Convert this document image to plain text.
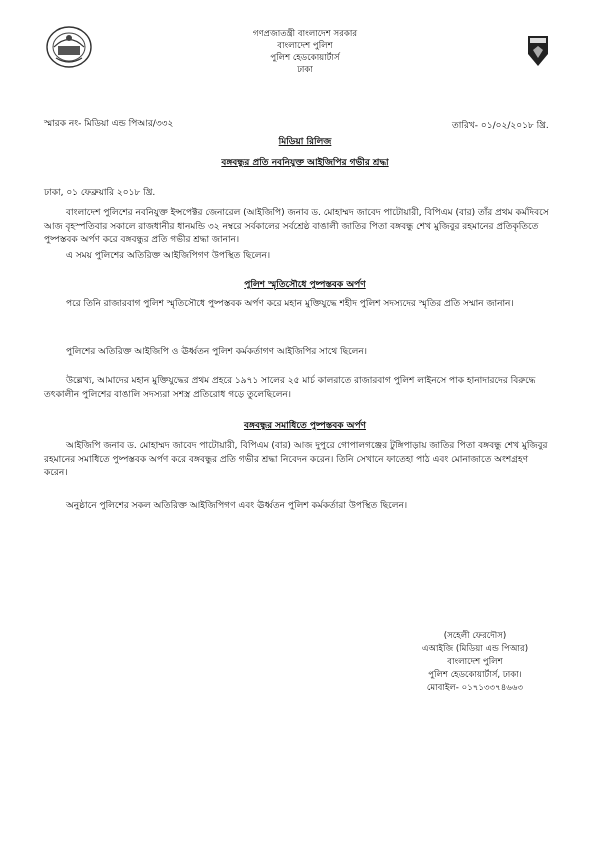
গণপ্রজাতন্ত্রী বাংলাদেশ সরকার
বাংলাদেশ পুলিশ
পুলিশ হেডকোয়ার্টার্স
ঢাকা
স্মারক নং- মিডিয়া এন্ড পিআর/৩৩২	তারিখ- ০১/০২/২০১৮ খ্রি.
মিডিয়া রিলিজ
বঙ্গবন্ধুর প্রতি নবনিযুক্ত আইজিপির গভীর শ্রদ্ধা
ঢাকা, ০১ ফেব্রুয়ারি ২০১৮ খ্রি.
বাংলাদেশ পুলিশের নবনিযুক্ত ইন্সপেক্টর জেনারেল (আইজিপি) জনাব ড. মোহাম্মদ জাবেদ পাটোয়ারী, বিপিএম (বার) তাঁর প্রথম কর্মদিবসে আজ বৃহস্পতিবার সকালে রাজধানীর ধানমন্ডি ৩২ নম্বরে সর্বকালের সর্বশ্রেষ্ঠ বাঙালী জাতির পিতা বঙ্গবন্ধু শেখ মুজিবুর রহমানের প্রতিকৃতিতে পুষ্পস্তবক অর্পণ করে বঙ্গবন্ধুর প্রতি গভীর শ্রদ্ধা জানান।
এ সময় পুলিশের অতিরিক্ত আইজিপিগণ উপস্থিত ছিলেন।
পুলিশ স্মৃতিসৌধে পুষ্পস্তবক অর্পণ
পরে তিনি রাজারবাগ পুলিশ স্মৃতিসৌধে পুষ্পস্তবক অর্পণ করে মহান মুক্তিযুদ্ধে শহীদ পুলিশ সদস্যদের স্মৃতির প্রতি সম্মান জানান।
পুলিশের অতিরিক্ত আইজিপি ও ঊর্ধ্বতন পুলিশ কর্মকর্তাগণ আইজিপির সাথে ছিলেন।
উল্লেখ্য, আমাদের মহান মুক্তিযুদ্ধের প্রথম প্রহরে ১৯৭১ সালের ২৫ মার্চ কালরাতে রাজারবাগ পুলিশ লাইনসে পাক হানাদারদের বিরুদ্ধে তৎকালীন পুলিশের বাঙালি সদস্যরা সশস্ত্র প্রতিরোধ গড়ে তুলেছিলেন।
বঙ্গবন্ধুর সমাধিতে পুষ্পস্তবক অর্পণ
আইজিপি জনাব ড. মোহাম্মদ জাবেদ পাটোয়ারী, বিপিএম (বার) আজ দুপুরে গোপালগঞ্জের টুঙ্গিপাড়ায় জাতির পিতা বঙ্গবন্ধু শেখ মুজিবুর রহমানের সমাধিতে পুষ্পস্তবক অর্পণ করে বঙ্গবন্ধুর প্রতি গভীর শ্রদ্ধা নিবেদন করেন। তিনি সেখানে ফাতেহা পাঠ এবং মোনাজাতে অংশগ্রহণ করেন।
অনুষ্ঠানে পুলিশের সকল অতিরিক্ত আইজিপিগণ এবং ঊর্ধ্বতন পুলিশ কর্মকর্তারা উপস্থিত ছিলেন।
(সহেলী ফেরদৌস)
এআইজি (মিডিয়া এন্ড পিআর)
বাংলাদেশ পুলিশ
পুলিশ হেডকোয়ার্টার্স, ঢাকা।
মোবাইল- ০১৭১৩৩৭৪৬৬৩
